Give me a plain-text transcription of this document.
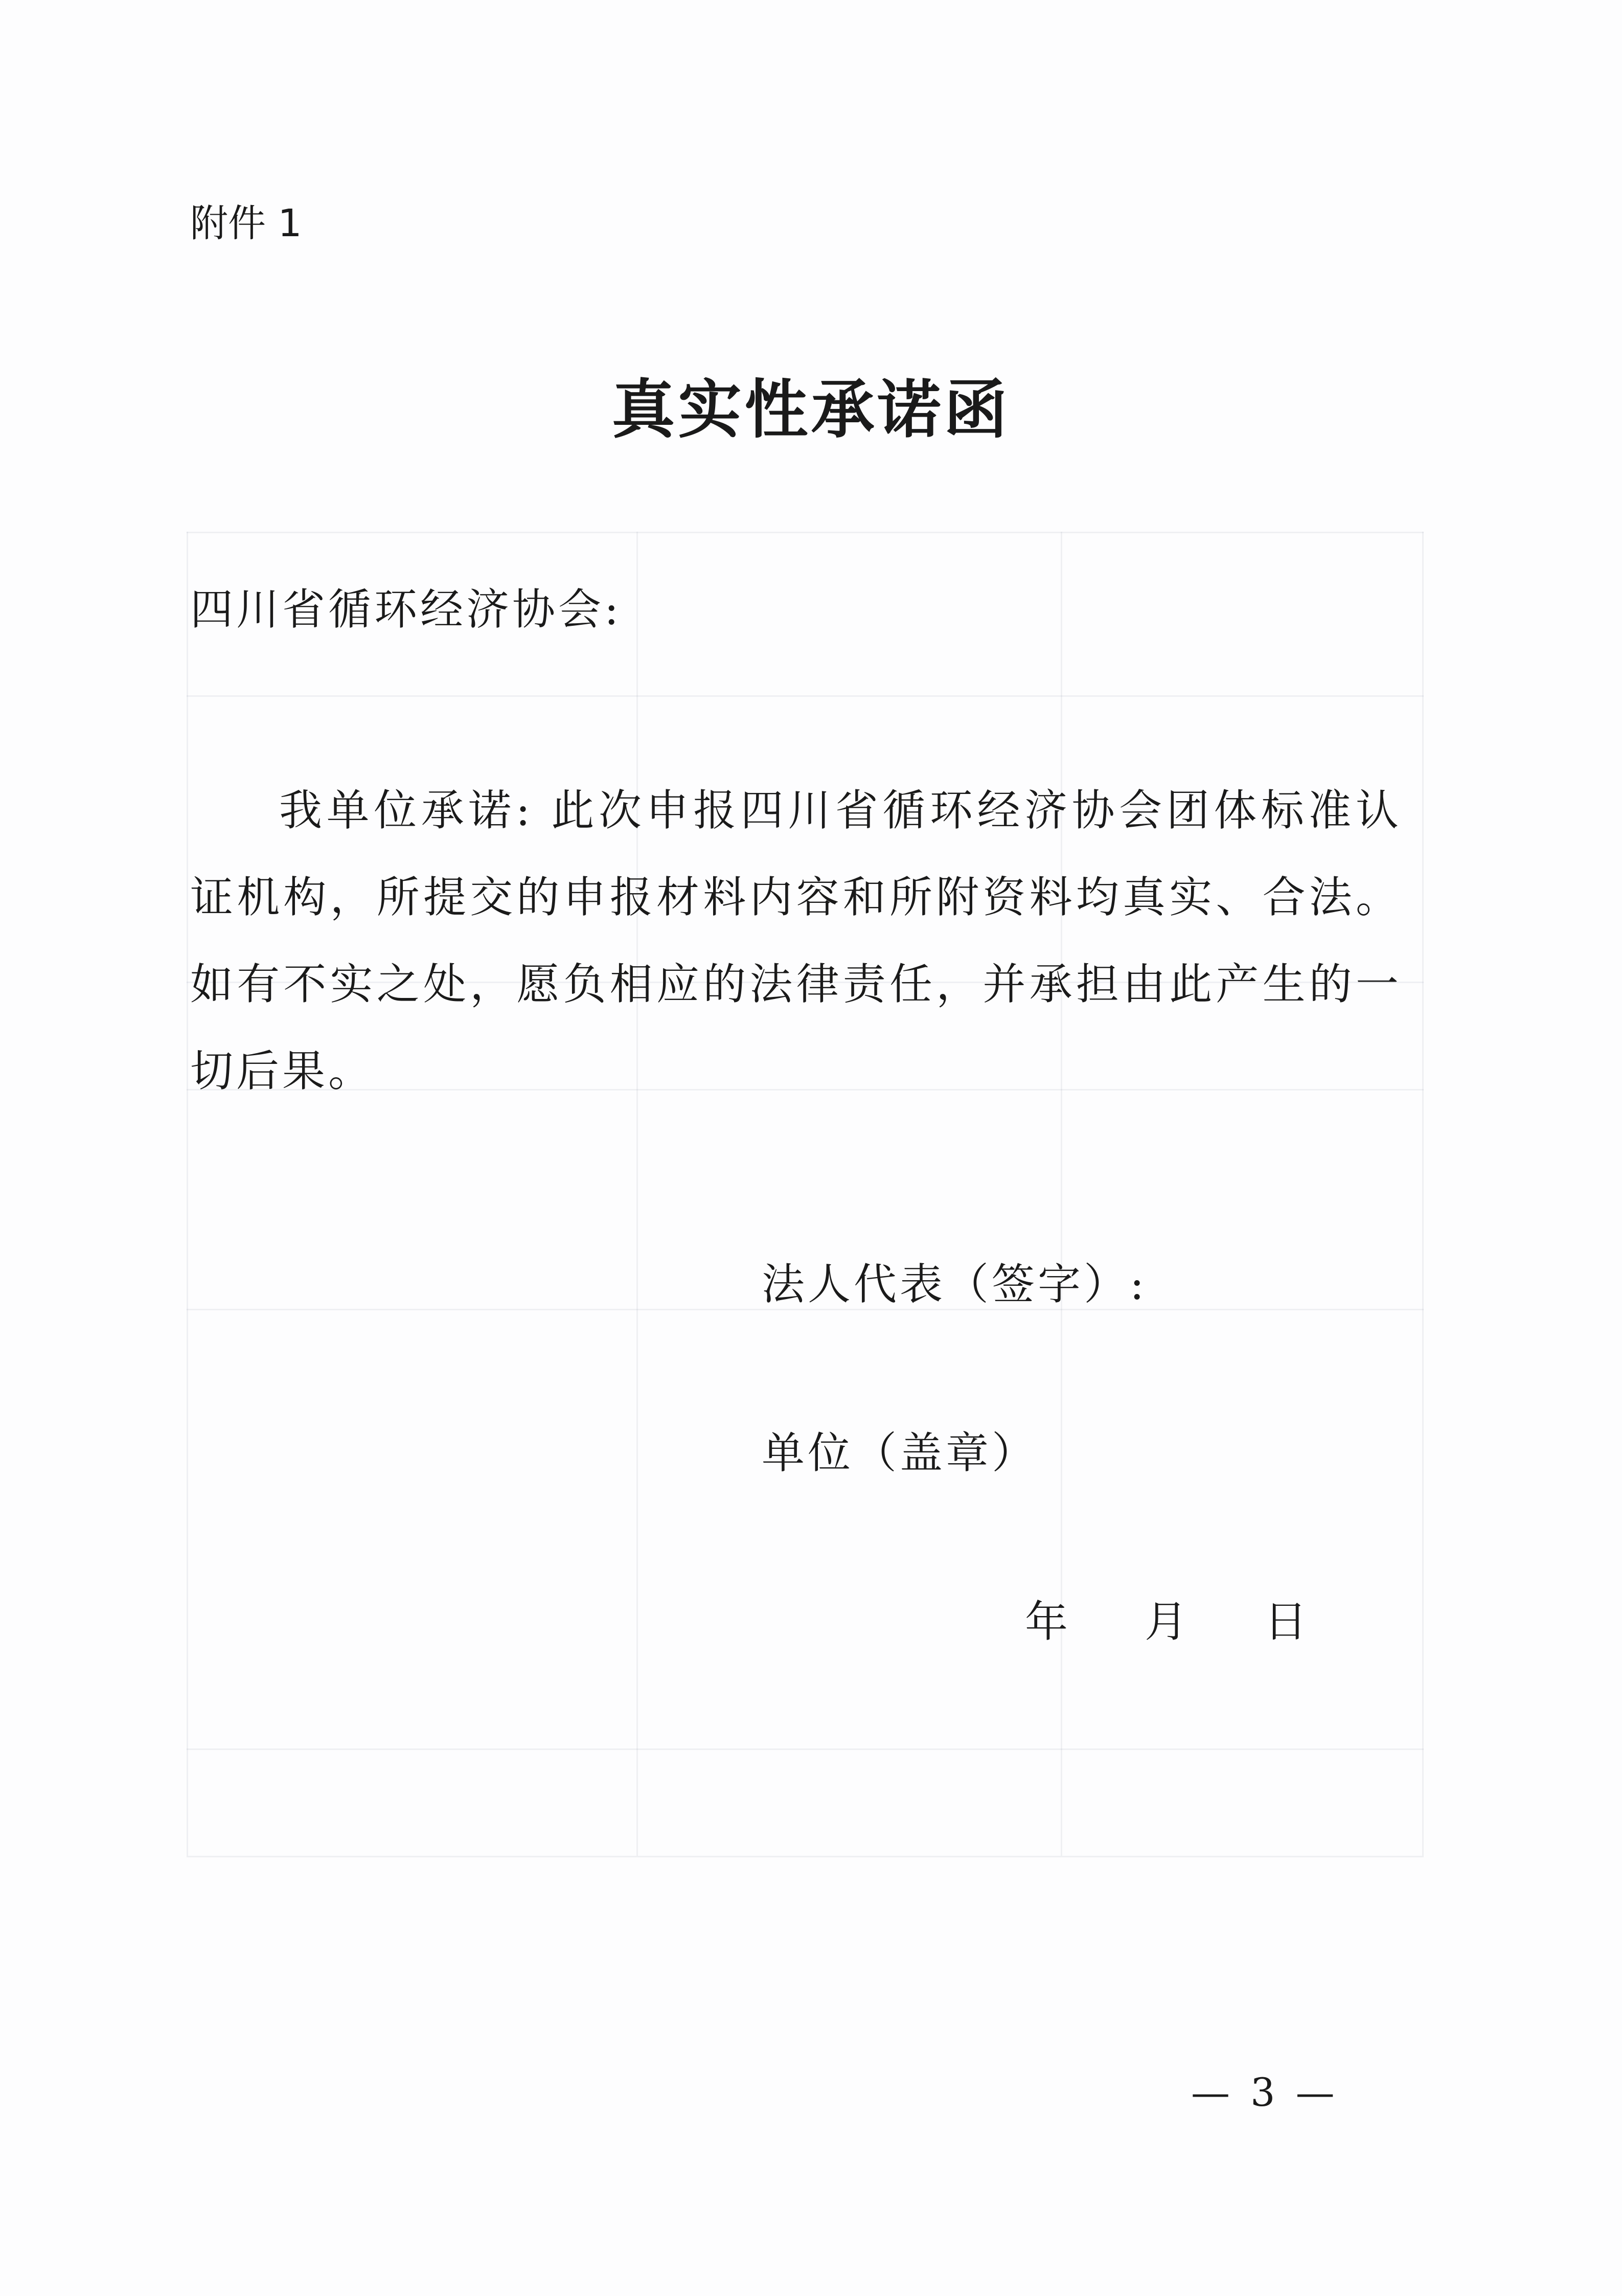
附件 1
真实性承诺函
四川省循环经济协会:

我单位承诺: 此次申报四川省循环经济协会团体标准认证机构，所提交的申报材料内容和所附资料均真实、合法。如有不实之处，愿负相应的法律责任，并承担由此产生的一切后果。

法人代表（签字）:
单位（盖章）
年 月 日
— 3 —
